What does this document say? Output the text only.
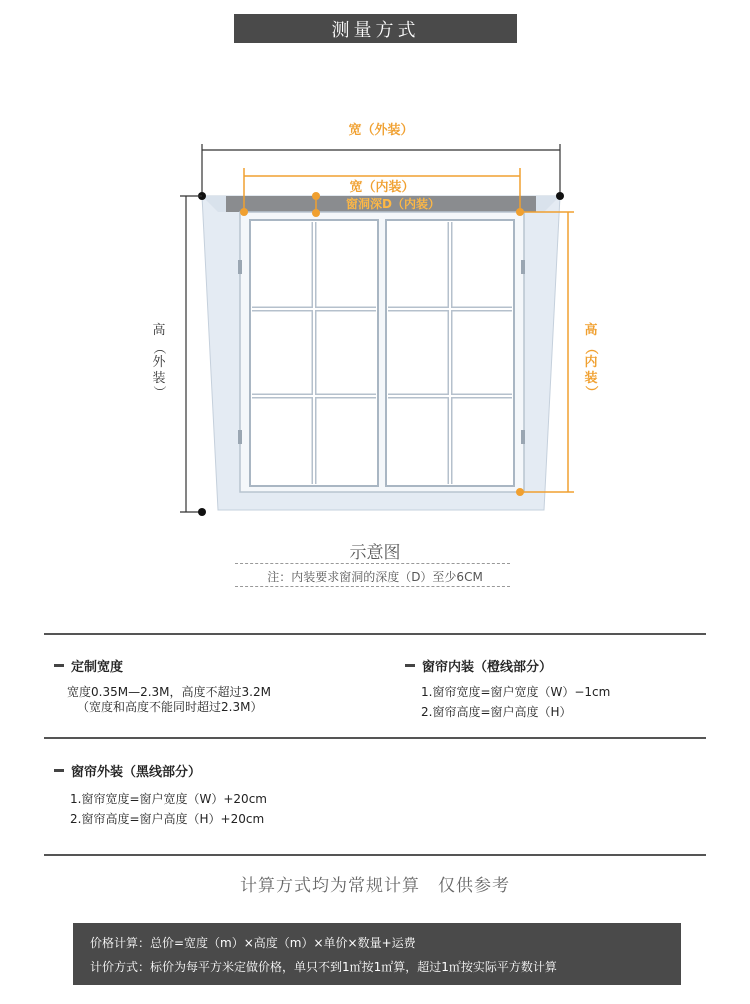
测量方式
宽（外装）
高
（
外
装
）
宽（内装）
窗洞深D（内装）
高
（
内
装
）
示意图
注：内装要求窗洞的深度（D）至少6CM
定制宽度
宽度0.35M—2.3M，高度不超过3.2M
（宽度和高度不能同时超过2.3M）
窗帘内装（橙线部分）
1.窗帘宽度=窗户宽度（W）−1cm
2.窗帘高度=窗户高度（H）
窗帘外装（黑线部分）
1.窗帘宽度=窗户宽度（W）+20cm
2.窗帘高度=窗户高度（H）+20cm
计算方式均为常规计算　仅供参考
价格计算：总价=宽度（m）×高度（m）×单价×数量+运费
计价方式：标价为每平方米定做价格，单只不到1㎡按1㎡算，超过1㎡按实际平方数计算
